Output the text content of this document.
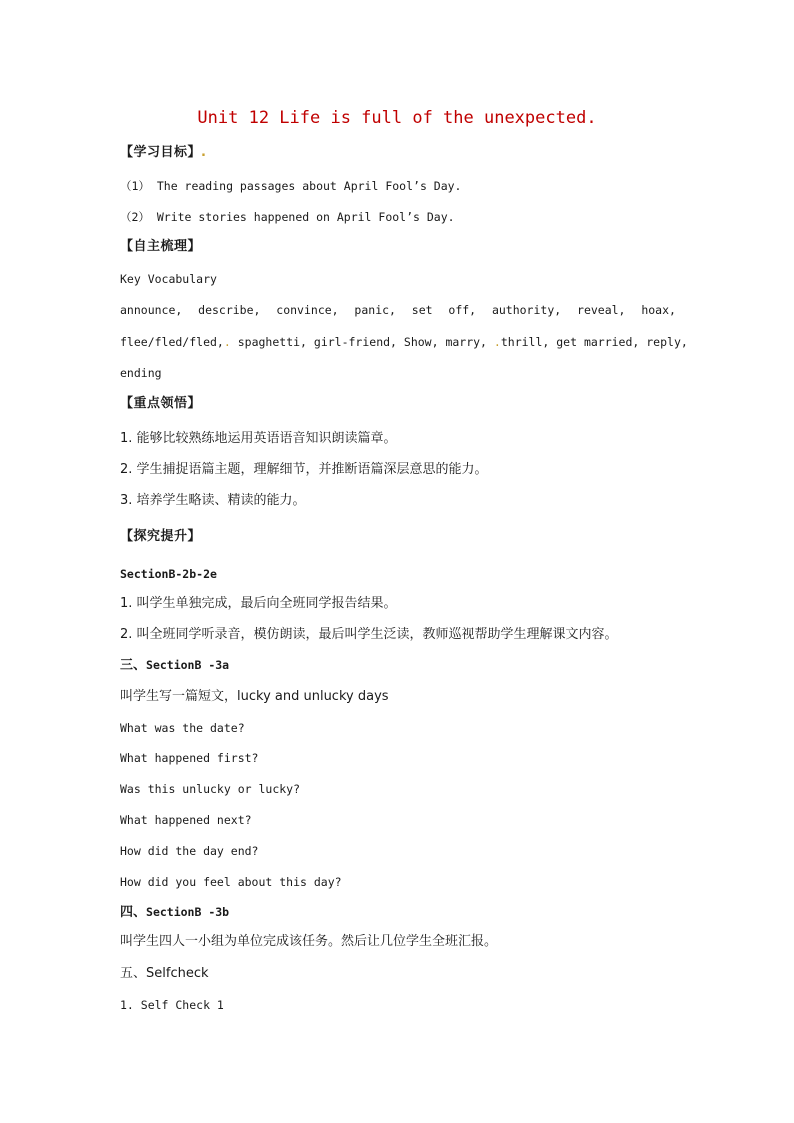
Unit 12 Life is full of the unexpected.
【学习目标】.
（1） The reading passages about April Fool’s Day.
（2） Write stories happened on April Fool’s Day.
【自主梳理】
Key Vocabulary
announce, describe, convince, panic, set off, authority, reveal, hoax,
flee/fled/fled,. spaghetti, girl-friend, Show, marry, .thrill, get married, reply,
ending
【重点领悟】
1. 能够比较熟练地运用英语语音知识朗读篇章。
2. 学生捕捉语篇主题，理解细节，并推断语篇深层意思的能力。
3. 培养学生略读、精读的能力。
【探究提升】
SectionB-2b-2e
1. 叫学生单独完成，最后向全班同学报告结果。
2. 叫全班同学听录音，模仿朗读，最后叫学生泛读，教师巡视帮助学生理解课文内容。
三、SectionB -3a
叫学生写一篇短文，lucky and unlucky days
What was the date?
What happened first?
Was this unlucky or lucky?
What happened next?
How did the day end?
How did you feel about this day?
四、SectionB -3b
叫学生四人一小组为单位完成该任务。然后让几位学生全班汇报。
五、Selfcheck
1. Self Check 1
